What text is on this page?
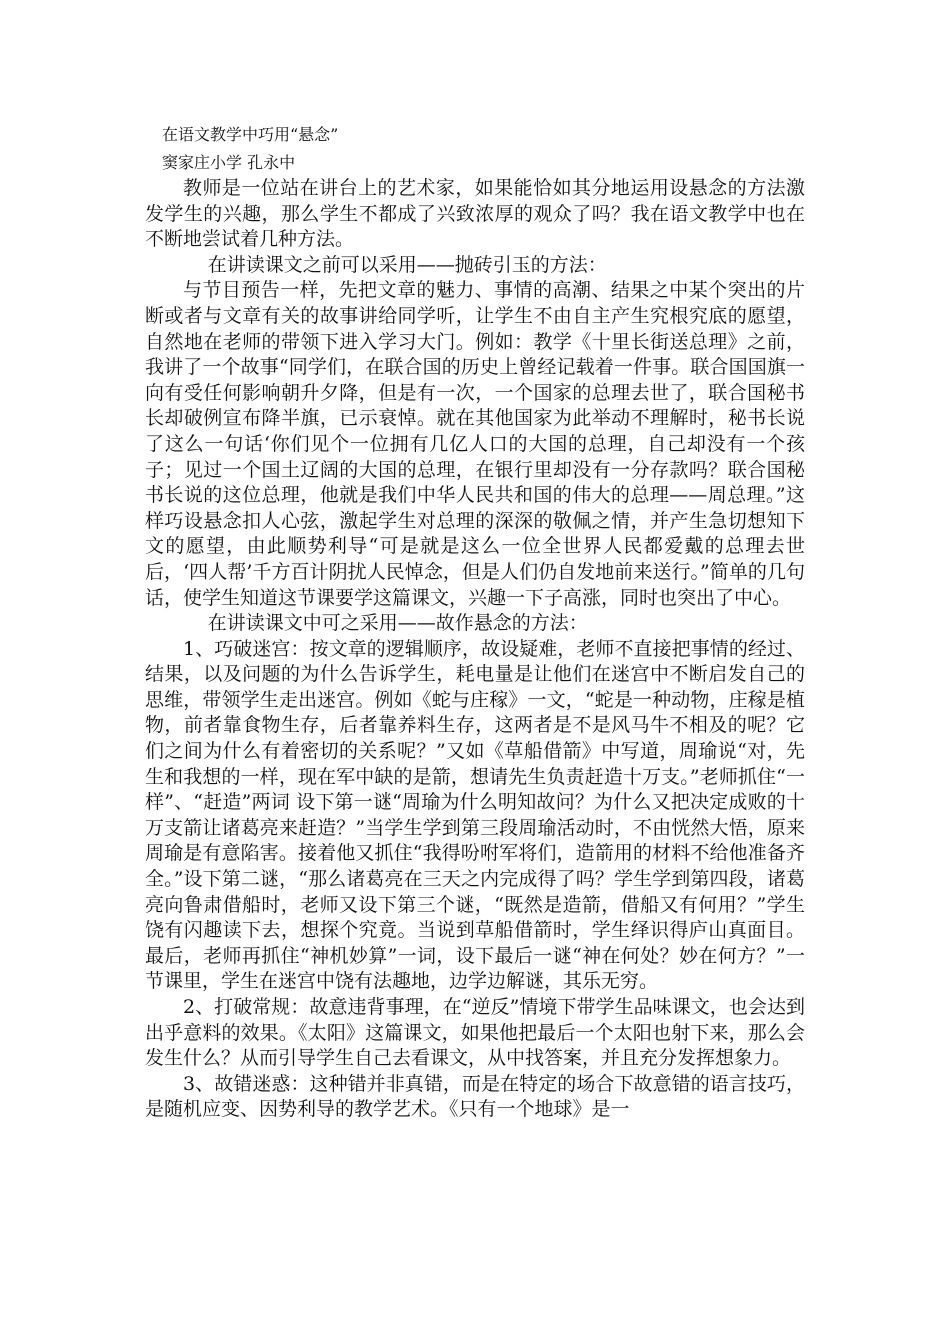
在语文教学中巧用“悬念”
窦家庄小学 孔永中

教师是一位站在讲台上的艺术家，如果能恰如其分地运用设悬念的方法激发学生的兴趣，那么学生不都成了兴致浓厚的观众了吗？我在语文教学中也在不断地尝试着几种方法。

在讲读课文之前可以采用——抛砖引玉的方法：

与节目预告一样，先把文章的魅力、事情的高潮、结果之中某个突出的片断或者与文章有关的故事讲给同学听，让学生不由自主产生究根究底的愿望，自然地在老师的带领下进入学习大门。例如：教学《十里长街送总理》之前，我讲了一个故事“同学们，在联合国的历史上曾经记载着一件事。联合国国旗一向有受任何影响朝升夕降，但是有一次，一个国家的总理去世了，联合国秘书长却破例宣布降半旗，已示衰悼。就在其他国家为此举动不理解时，秘书长说了这么一句话‘你们见个一位拥有几亿人口的大国的总理，自己却没有一个孩子；见过一个国土辽阔的大国的总理，在银行里却没有一分存款吗？联合国秘书长说的这位总理，他就是我们中华人民共和国的伟大的总理——周总理。”这样巧设悬念扣人心弦，激起学生对总理的深深的敬佩之情，并产生急切想知下文的愿望，由此顺势利导“可是就是这么一位全世界人民都爱戴的总理去世后，‘四人帮’千方百计阴扰人民悼念，但是人们仍自发地前来送行。”简单的几句话，使学生知道这节课要学这篇课文，兴趣一下子高涨，同时也突出了中心。

在讲读课文中可之采用——故作悬念的方法：

1、巧破迷宫：按文章的逻辑顺序，故设疑难，老师不直接把事情的经过、结果，以及问题的为什么告诉学生，耗电量是让他们在迷宫中不断启发自己的思维，带领学生走出迷宫。例如《蛇与庄稼》一文，“蛇是一种动物，庄稼是植物，前者靠食物生存，后者靠养料生存，这两者是不是风马牛不相及的呢？它们之间为什么有着密切的关系呢？”又如《草船借箭》中写道，周瑜说“对，先生和我想的一样，现在军中缺的是箭，想请先生负责赶造十万支。”老师抓住“一样”、“赶造”两词 设下第一谜“周瑜为什么明知故问？为什么又把决定成败的十万支箭让诸葛亮来赶造？”当学生学到第三段周瑜活动时，不由恍然大悟，原来周瑜是有意陷害。接着他又抓住“我得吩咐军将们，造箭用的材料不给他准备齐全。”设下第二谜，“那么诸葛亮在三天之内完成得了吗？学生学到第四段，诸葛亮向鲁肃借船时，老师又设下第三个谜，“既然是造箭，借船又有何用？”学生饶有闪趣读下去，想探个究竟。当说到草船借箭时，学生绎识得庐山真面目。最后，老师再抓住“神机妙算”一词，设下最后一谜“神在何处？妙在何方？”一节课里，学生在迷宫中饶有法趣地，边学边解谜，其乐无穷。

2、打破常规：故意违背事理，在“逆反”情境下带学生品味课文，也会达到出乎意料的效果。《太阳》这篇课文，如果他把最后一个太阳也射下来，那么会发生什么？从而引导学生自己去看课文，从中找答案，并且充分发挥想象力。

3、故错迷惑：这种错并非真错，而是在特定的场合下故意错的语言技巧，是随机应变、因势利导的教学艺术。《只有一个地球》是一
